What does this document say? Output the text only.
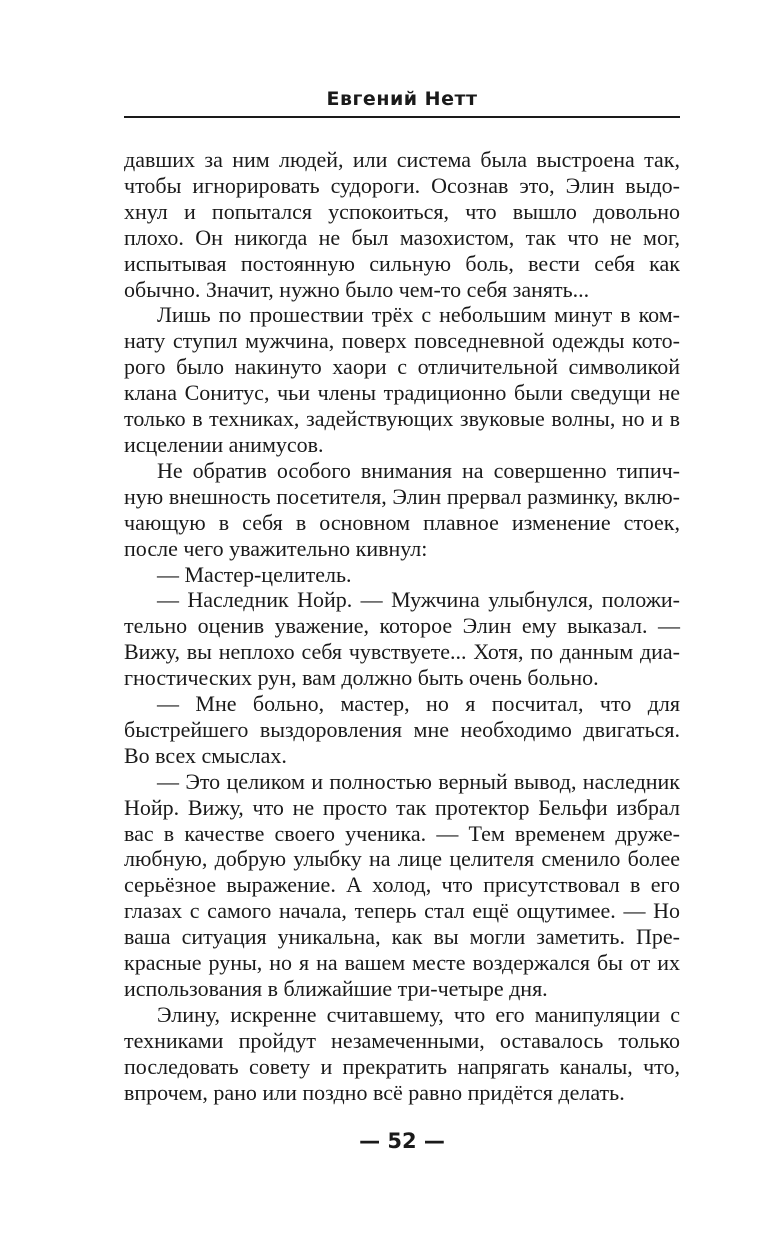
Евгений Нетт

давших за ним людей, или система была выстроена так, чтобы игнорировать судороги. Осознав это, Элин выдохнул и попытался успокоиться, что вышло довольно плохо. Он никогда не был мазохистом, так что не мог, испытывая постоянную сильную боль, вести себя как обычно. Значит, нужно было чем-то себя занять...

Лишь по прошествии трёх с небольшим минут в комнату ступил мужчина, поверх повседневной одежды которого было накинуто хаори с отличительной символикой клана Сонитус, чьи члены традиционно были сведущи не только в техниках, задействующих звуковые волны, но и в исцелении анимусов.

Не обратив особого внимания на совершенно типичную внешность посетителя, Элин прервал разминку, включающую в себя в основном плавное изменение стоек, после чего уважительно кивнул:

— Мастер-целитель.

— Наследник Нойр. — Мужчина улыбнулся, положительно оценив уважение, которое Элин ему выказал. — Вижу, вы неплохо себя чувствуете... Хотя, по данным диагностических рун, вам должно быть очень больно.

— Мне больно, мастер, но я посчитал, что для быстрейшего выздоровления мне необходимо двигаться. Во всех смыслах.

— Это целиком и полностью верный вывод, наследник Нойр. Вижу, что не просто так протектор Бельфи избрал вас в качестве своего ученика. — Тем временем дружелюбную, добрую улыбку на лице целителя сменило более серьёзное выражение. А холод, что присутствовал в его глазах с самого начала, теперь стал ещё ощутимее. — Но ваша ситуация уникальна, как вы могли заметить. Прекрасные руны, но я на вашем месте воздержался бы от их использования в ближайшие три-четыре дня.

Элину, искренне считавшему, что его манипуляции с техниками пройдут незамеченными, оставалось только последовать совету и прекратить напрягать каналы, что, впрочем, рано или поздно всё равно придётся делать.

— 52 —
